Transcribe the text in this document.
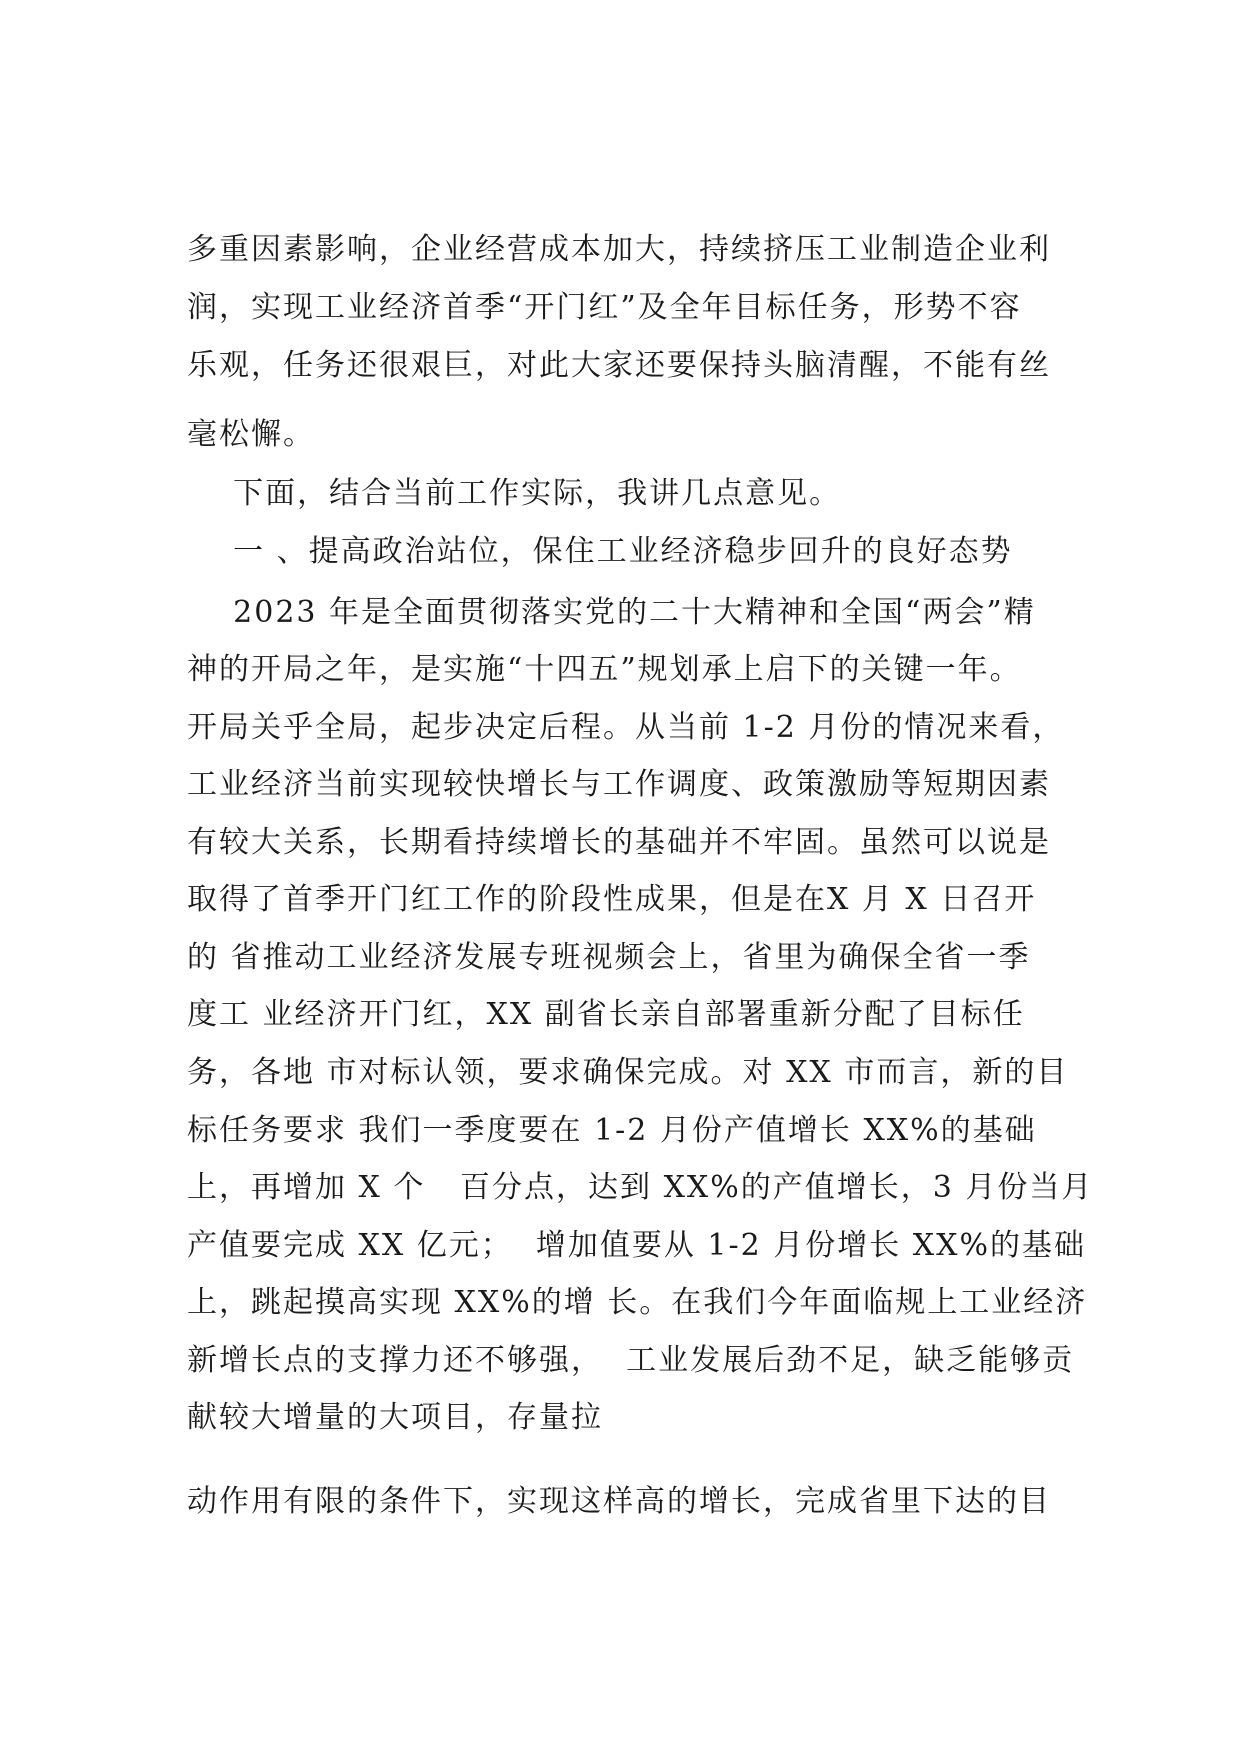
多重因素影响，企业经营成本加大，持续挤压工业制造企业利

润，实现工业经济首季“开门红”及全年目标任务，形势不容

乐观，任务还很艰巨，对此大家还要保持头脑清醒，不能有丝

毫松懈。

下面，结合当前工作实际，我讲几点意见。

一 、提高政治站位，保住工业经济稳步回升的良好态势

2023 年是全面贯彻落实党的二十大精神和全国“两会”精

神的开局之年，是实施“十四五”规划承上启下的关键一年。

开局关乎全局，起步决定后程。从当前 1-2 月份的情况来看，

工业经济当前实现较快增长与工作调度、政策激励等短期因素

有较大关系，长期看持续增长的基础并不牢固。虽然可以说是

取得了首季开门红工作的阶段性成果，但是在X 月 X 日召开

的 省推动工业经济发展专班视频会上，省里为确保全省一季

度工 业经济开门红，XX 副省长亲自部署重新分配了目标任

务，各地 市对标认领，要求确保完成。对 XX 市而言，新的目

标任务要求 我们一季度要在 1-2 月份产值增长 XX%的基础

上，再增加 X 个   百分点，达到 XX%的产值增长，3 月份当月

产值要完成 XX 亿元；  增加值要从 1-2 月份增长 XX%的基础

上，跳起摸高实现 XX%的增 长。在我们今年面临规上工业经济

新增长点的支撑力还不够强，  工业发展后劲不足，缺乏能够贡

献较大增量的大项目，存量拉

动作用有限的条件下，实现这样高的增长，完成省里下达的目
